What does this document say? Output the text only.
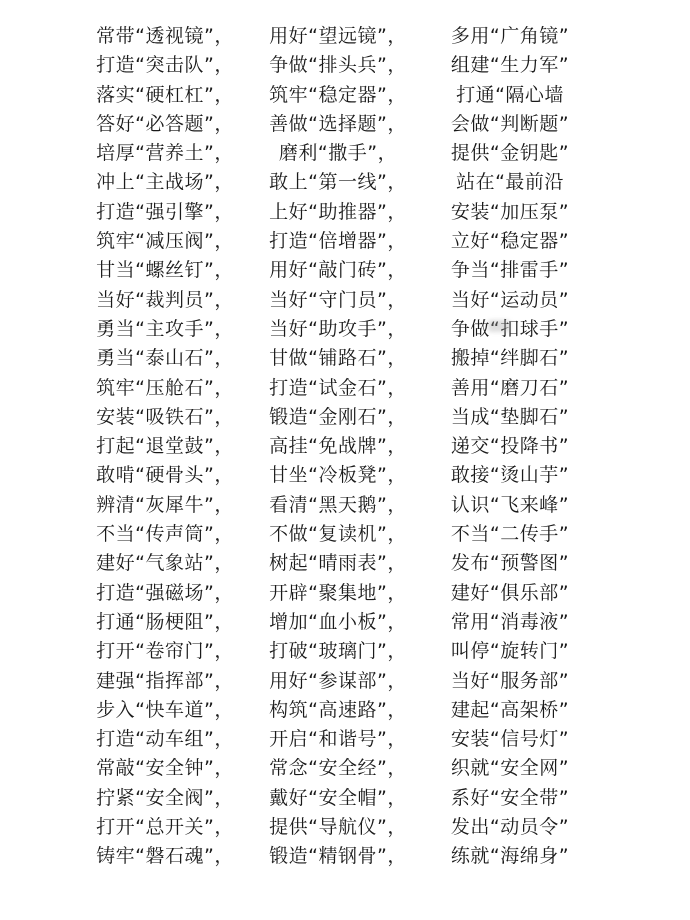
常带“透视镜”，	用好“望远镜”，	多用“广角镜”
打造“突击队”，	争做“排头兵”，	组建“生力军”
落实“硬杠杠”，	筑牢“稳定器”，	打通“隔心墙
答好“必答题”，	善做“选择题”，	会做“判断题”
培厚“营养土”，	磨利“撒手”，	提供“金钥匙”
冲上“主战场”，	敢上“第一线”，	站在“最前沿
打造“强引擎”，	上好“助推器”，	安装“加压泵”
筑牢“减压阀”，	打造“倍增器”，	立好“稳定器”
甘当“螺丝钉”，	用好“敲门砖”，	争当“排雷手”
当好“裁判员”，	当好“守门员”，	当好“运动员”
勇当“主攻手”，	当好“助攻手”，	争做“扣球手”
勇当“泰山石”，	甘做“铺路石”，	搬掉“绊脚石”
筑牢“压舱石”，	打造“试金石”，	善用“磨刀石”
安装“吸铁石”，	锻造“金刚石”，	当成“垫脚石”
打起“退堂鼓”，	高挂“免战牌”，	递交“投降书”
敢啃“硬骨头”，	甘坐“冷板凳”，	敢接“烫山芋”
辨清“灰犀牛”，	看清“黑天鹅”，	认识“飞来峰”
不当“传声筒”，	不做“复读机”，	不当“二传手”
建好“气象站”，	树起“晴雨表”，	发布“预警图”
打造“强磁场”，	开辟“聚集地”，	建好“俱乐部”
打通“肠梗阻”，	增加“血小板”，	常用“消毒液”
打开“卷帘门”，	打破“玻璃门”，	叫停“旋转门”
建强“指挥部”，	用好“参谋部”，	当好“服务部”
步入“快车道”，	构筑“高速路”，	建起“高架桥”
打造“动车组”，	开启“和谐号”，	安装“信号灯”
常敲“安全钟”，	常念“安全经”，	织就“安全网”
拧紧“安全阀”，	戴好“安全帽”，	系好“安全带”
打开“总开关”，	提供“导航仪”，	发出“动员令”
铸牢“磐石魂”，	锻造“精钢骨”，	练就“海绵身”
